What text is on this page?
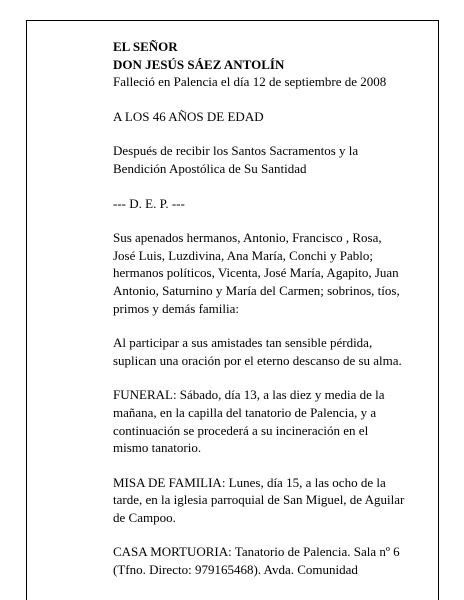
EL SEÑOR

DON JESÚS SÁEZ ANTOLÍN

Falleció en Palencia el día 12 de septiembre de 2008

A LOS 46 AÑOS DE EDAD

Después de recibir los Santos Sacramentos y la

Bendición Apostólica de Su Santidad

--- D. E. P. ---

Sus apenados hermanos, Antonio, Francisco , Rosa,

José Luis, Luzdivina, Ana María, Conchi y Pablo;

hermanos políticos, Vicenta, José María, Agapito, Juan

Antonio, Saturnino y María del Carmen; sobrinos, tíos,

primos y demás familia:

Al participar a sus amistades tan sensible pérdida,

suplican una oración por el eterno descanso de su alma.

FUNERAL: Sábado, día 13, a las diez y media de la

mañana, en la capilla del tanatorio de Palencia, y a

continuación se procederá a su incineración en el

mismo tanatorio.

MISA DE FAMILIA: Lunes, día 15, a las ocho de la

tarde, en la iglesia parroquial de San Miguel, de Aguilar

de Campoo.

CASA MORTUORIA: Tanatorio de Palencia. Sala nº 6

(Tfno. Directo: 979165468). Avda. Comunidad
